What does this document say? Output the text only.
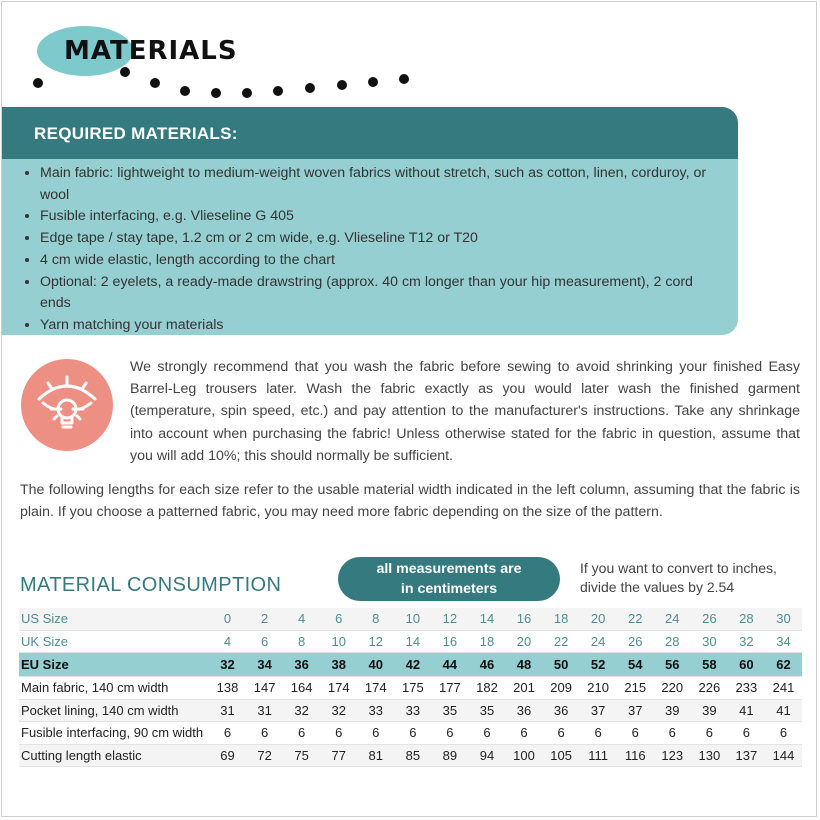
MATERIALS
REQUIRED MATERIALS:
• Main fabric: lightweight to medium-weight woven fabrics without stretch, such as cotton, linen, corduroy, or wool
• Fusible interfacing, e.g. Vlieseline G 405
• Edge tape / stay tape, 1.2 cm or 2 cm wide, e.g. Vlieseline T12 or T20
• 4 cm wide elastic, length according to the chart
• Optional: 2 eyelets, a ready-made drawstring (approx. 40 cm longer than your hip measurement), 2 cord ends
• Yarn matching your materials
We strongly recommend that you wash the fabric before sewing to avoid shrinking your finished Easy Barrel-Leg trousers later. Wash the fabric exactly as you would later wash the finished garment (temperature, spin speed, etc.) and pay attention to the manufacturer's instructions. Take any shrinkage into account when purchasing the fabric! Unless otherwise stated for the fabric in question, assume that you will add 10%; this should normally be sufficient.
The following lengths for each size refer to the usable material width indicated in the left column, assuming that the fabric is plain. If you choose a patterned fabric, you may need more fabric depending on the size of the pattern.
MATERIAL CONSUMPTION
all measurements are
in centimeters
If you want to convert to inches,
divide the values by 2.54
US Size	0	2	4	6	8	10	12	14	16	18	20	22	24	26	28	30
UK Size	4	6	8	10	12	14	16	18	20	22	24	26	28	30	32	34
EU Size	32	34	36	38	40	42	44	46	48	50	52	54	56	58	60	62
Main fabric, 140 cm width	138	147	164	174	174	175	177	182	201	209	210	215	220	226	233	241
Pocket lining, 140 cm width	31	31	32	32	33	33	35	35	36	36	37	37	39	39	41	41
Fusible interfacing, 90 cm width	6	6	6	6	6	6	6	6	6	6	6	6	6	6	6	6
Cutting length elastic	69	72	75	77	81	85	89	94	100	105	111	116	123	130	137	144
